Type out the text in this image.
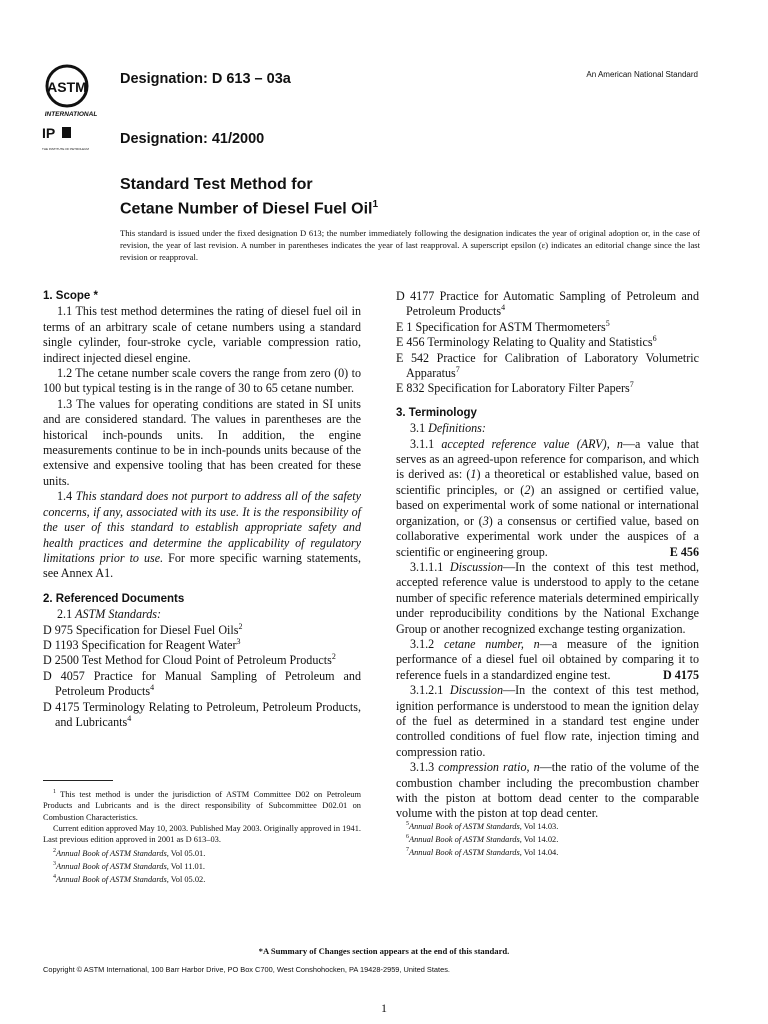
ASTM
INTERNATIONAL
IP
THE INSTITUTE OF PETROLEUM
Designation: D 613 – 03a
Designation: 41/2000
An American National Standard
Standard Test Method for
Cetane Number of Diesel Fuel Oil$^1$
This standard is issued under the fixed designation D 613; the number immediately following the designation indicates the year of original adoption or, in the case of revision, the year of last revision. A number in parentheses indicates the year of last reapproval. A superscript epsilon (ε) indicates an editorial change since the last revision or reapproval.

1. Scope *

1.1 This test method determines the rating of diesel fuel oil in terms of an arbitrary scale of cetane numbers using a standard single cylinder, four-stroke cycle, variable compression ratio, indirect injected diesel engine.

1.2 The cetane number scale covers the range from zero (0) to 100 but typical testing is in the range of 30 to 65 cetane number.

1.3 The values for operating conditions are stated in SI units and are considered standard. The values in parentheses are the historical inch-pounds units. In addition, the engine measurements continue to be in inch-pounds units because of the extensive and expensive tooling that has been created for these units.

1.4 This standard does not purport to address all of the safety concerns, if any, associated with its use. It is the responsibility of the user of this standard to establish appropriate safety and health practices and determine the applicability of regulatory limitations prior to use. For more specific warning statements, see Annex A1.

2. Referenced Documents

2.1 ASTM Standards:

D 975 Specification for Diesel Fuel Oils$^2$

D 1193 Specification for Reagent Water$^3$

D 2500 Test Method for Cloud Point of Petroleum Products$^2$

D 4057 Practice for Manual Sampling of Petroleum and Petroleum Products$^4$

D 4175 Terminology Relating to Petroleum, Petroleum Products, and Lubricants$^4$

D 4177 Practice for Automatic Sampling of Petroleum and Petroleum Products$^4$

E 1 Specification for ASTM Thermometers$^5$

E 456 Terminology Relating to Quality and Statistics$^6$

E 542 Practice for Calibration of Laboratory Volumetric Apparatus$^7$

E 832 Specification for Laboratory Filter Papers$^7$

3. Terminology

3.1 Definitions:

3.1.1 accepted reference value (ARV), n—a value that serves as an agreed-upon reference for comparison, and which is derived as: (1) a theoretical or established value, based on scientific principles, or (2) an assigned or certified value, based on experimental work of some national or international organization, or (3) a consensus or certified value, based on collaborative experimental work under the auspices of a scientific or engineering group.	E 456

3.1.1.1 Discussion—In the context of this test method, accepted reference value is understood to apply to the cetane number of specific reference materials determined empirically under reproducibility conditions by the National Exchange Group or another recognized exchange testing organization.

3.1.2 cetane number, n—a measure of the ignition performance of a diesel fuel oil obtained by comparing it to reference fuels in a standardized engine test.	D 4175

3.1.2.1 Discussion—In the context of this test method, ignition performance is understood to mean the ignition delay of the fuel as determined in a standard test engine under controlled conditions of fuel flow rate, injection timing and compression ratio.

3.1.3 compression ratio, n—the ratio of the volume of the combustion chamber including the precombustion chamber with the piston at bottom dead center to the comparable volume with the piston at top dead center.

$^1$ This test method is under the jurisdiction of ASTM Committee D02 on Petroleum Products and Lubricants and is the direct responsibility of Subcommittee D02.01 on Combustion Characteristics.
Current edition approved May 10, 2003. Published May 2003. Originally approved in 1941. Last previous edition approved in 2001 as D 613–03.
$^2$Annual Book of ASTM Standards, Vol 05.01.
$^3$Annual Book of ASTM Standards, Vol 11.01.
$^4$Annual Book of ASTM Standards, Vol 05.02.
$^5$Annual Book of ASTM Standards, Vol 14.03.
$^6$Annual Book of ASTM Standards, Vol 14.02.
$^7$Annual Book of ASTM Standards, Vol 14.04.
*A Summary of Changes section appears at the end of this standard.
Copyright © ASTM International, 100 Barr Harbor Drive, PO Box C700, West Conshohocken, PA 19428-2959, United States.
1
